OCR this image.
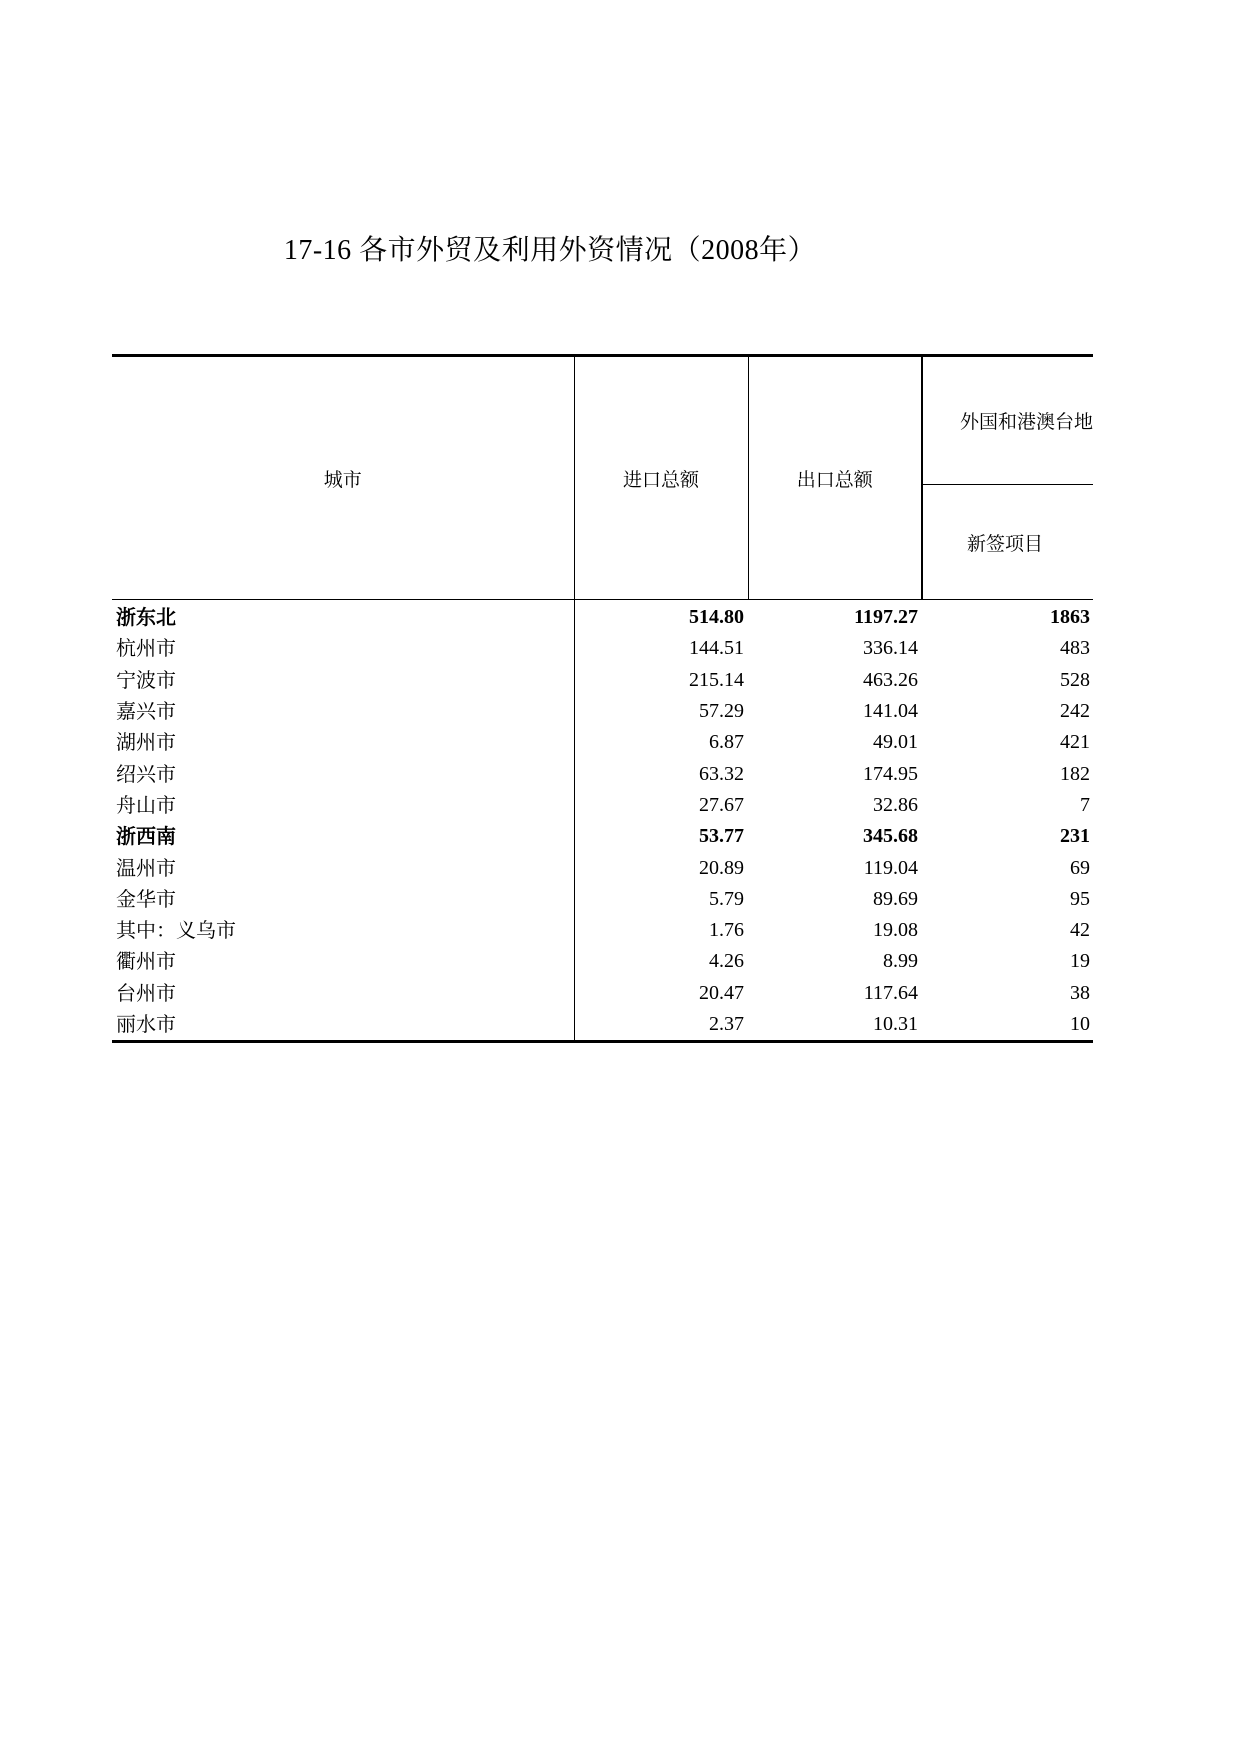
17-16 各市外贸及利用外资情况（2008年）
城市	进口总额	出口总额	外国和港澳台地
			新签项目
浙东北	514.80	1197.27	1863
杭州市	144.51	336.14	483
宁波市	215.14	463.26	528
嘉兴市	57.29	141.04	242
湖州市	6.87	49.01	421
绍兴市	63.32	174.95	182
舟山市	27.67	32.86	7
浙西南	53.77	345.68	231
温州市	20.89	119.04	69
金华市	5.79	89.69	95
其中：义乌市	1.76	19.08	42
衢州市	4.26	8.99	19
台州市	20.47	117.64	38
丽水市	2.37	10.31	10
